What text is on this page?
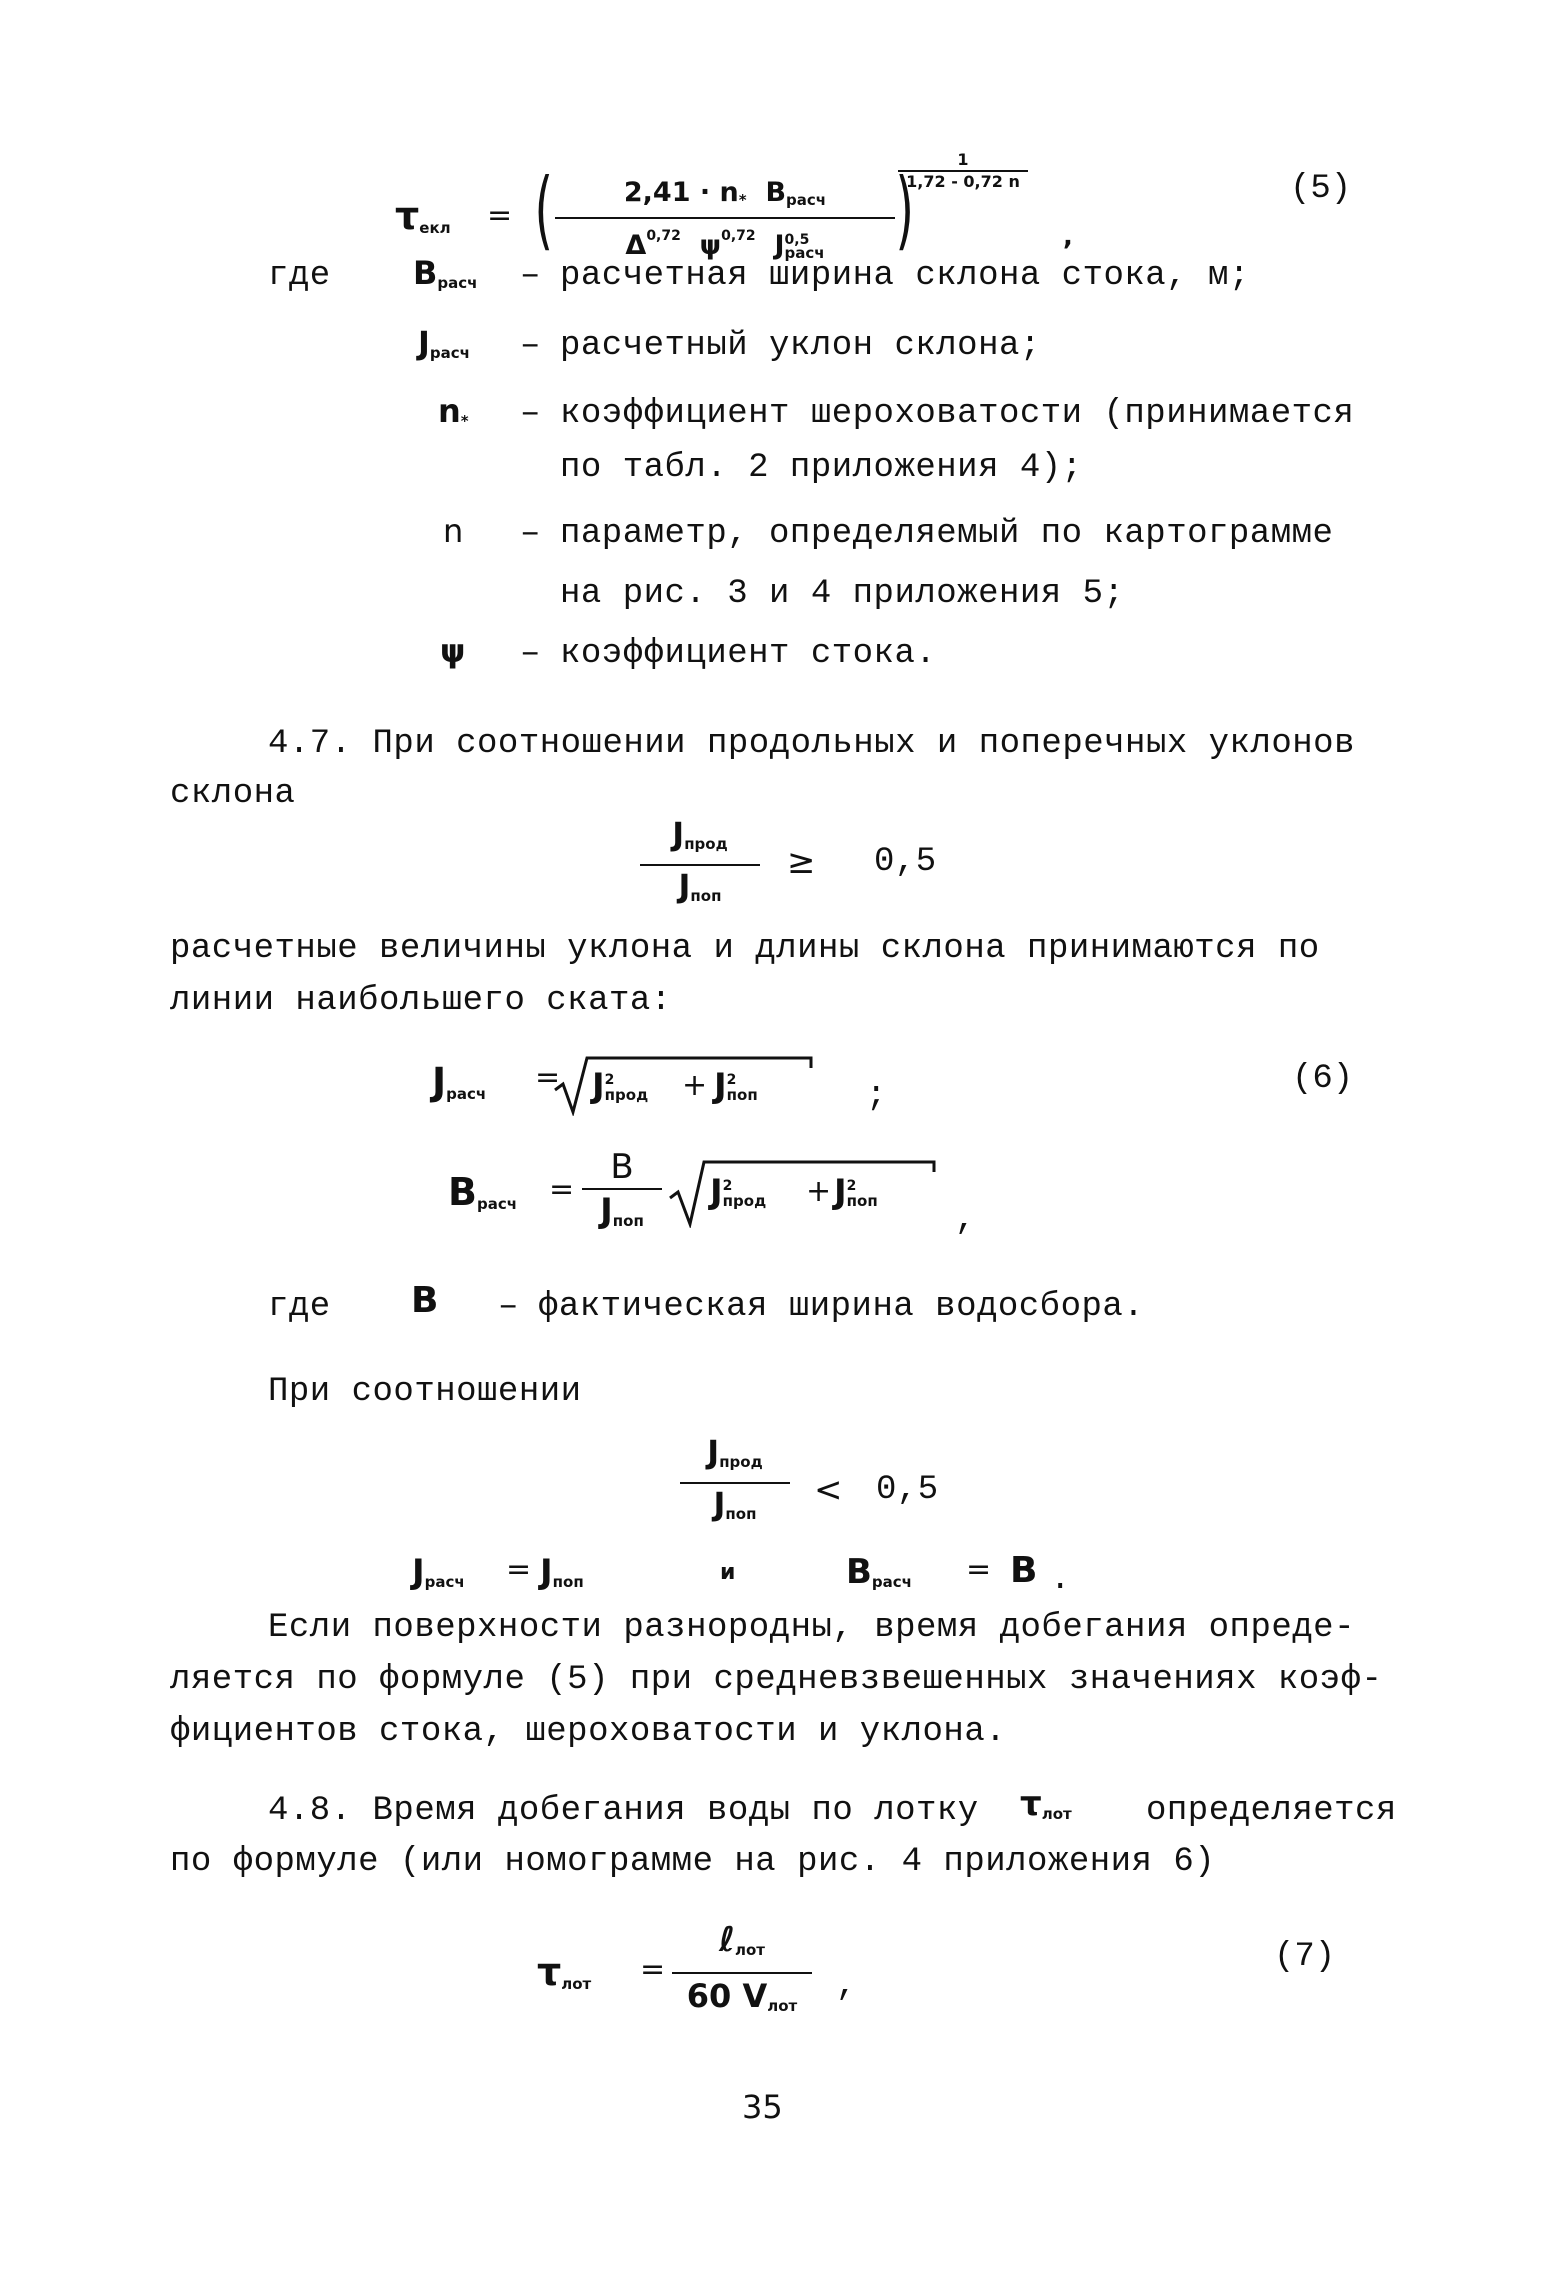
$\tau_{екл}$ = (	$2,41 \cdot n_*$ $B_{расч}$
Δ$^{0,72}$ $\psi^{0,72}$ J 0,5
расч )
1
1,72 - 0,72 n
,
(5)
где	$B_{расч}$ – расчетная ширина склона стока, м;
$J_{расч}$ – расчетный уклон склона;
$n_*$ – коэффициент шероховатости (принимается
по табл. 2 приложения 4);
n – параметр, определяемый по картограмме
на рис. 3 и 4 приложения 5;
ψ – коэффициент стока.
4.7. При соотношении продольных и поперечных уклонов
склона
$J_{прод}$
$J_{поп}$
≥ 0,5
расчетные величины уклона и длины склона принимаются по
линии наибольшего ската:
$J_{расч} = J$ 2
прод + J 2
поп	;	(6)
$B_{расч}$ =
B
$J_{поп}$
J 2
прод + J 2
поп
,
где B – фактическая ширина водосбора.
При соотношении
$J_{прод}$
$J_{поп}$
< 0,5
$J_{расч} = J_{поп}$	и	$B_{расч} = B$ .
Если поверхности разнородны, время добегания опреде-
ляется по формуле (5) при средневзвешенных значениях коэф-
фициентов стока, шероховатости и уклона.
4.8. Время добегания воды по лотку $\tau_{лот}$ определяется
по формуле (или номограмме на рис. 4 приложения 6)
$\tau_{лот}$ =
ℓ$_{лот}$
60 $V_{лот}$
,
(7)
35
